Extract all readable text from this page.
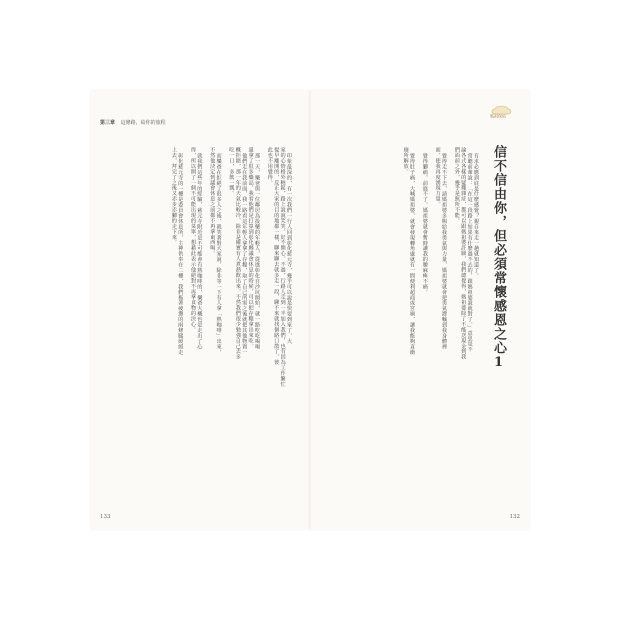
第三章 這條路，給你的旅程
印象最深的，有一次我們一行人回到彰化慈元寺，幾乎可以說是快要到家了，大
家的心情格外輕鬆，路上說說笑笑，好不開心。不過，行路人走到一半加入我們，也有因為工作繁忙
提早離開的，反正大家的目的地都一樣，聊來聊去就多走一段，聊不來就找個路口散了，彼
此也不用覺得。
那一天，樂爸與一位鄰居為投藥的年輕人，從進彰化自沙坑開始，就一路吃吃喝喝
還拿了很多藥品，我看他們是打算到彰化縣議會休息的時候，可以把存糧拿出來吃。
他們走在我前面，我一路看這年輕人拿拿了存糧，取了自己所需之後就把其他物資一
概拒絕，那一年的天氣比較冷，除非是確實有人煮熱飲出來，不然我們很少勉強自己去多
吃一口，多飲一瓢。
而樂爸在拒絕了很多人之後，就笑著對大家說，除非等一下有人拿「熱咖啡」出來，
不然他決定到議會休息之前都不再拿東西喝。
就我們這些年的經驗，慈元寺附近是不可能會有熱咖啡的，樂爸大概也是走出了心
得，所以開了一個不可能出現的菜單，想藉此表示他絕對不再拿食物的決心。
彰化慈元寺的一樓是委員會休息所，主神供奉在二樓，我們拖著疲憊的兩條腿緩緩走
上去，拜完了之後又赤步赤腳的走下來。
133
媽祖保佑
信不信由你，但必須常懷感恩之心1
有求必應到底是什麼感覺？親自來走一趟就知道了。
常聽前輩說：「在這一段路上如果有什麼過不去的，跟媽祖婆說就對了。」意思是不
論各式各樣的疑難雜症，都可以跟媽祖婆許願，我們總覺得，媽祖婆除了不能送現金到我
們面前之外，幾乎是無所不能。
覺得走不下去，請媽祖婆多賜給我勇氣與力量，媽祖婆就會把勇氣灌輸到我身體裡
面，使我再度湧現力量。
覺得腳痛，前進不了，媽祖婆就會暫時讓我的腰麻痺不痛。
覺得肚子痛，大喊媽祖婆，就會發現轉角處就有一間便利超商或宮廟，讓我能夠直衝
廁所解放。
132
